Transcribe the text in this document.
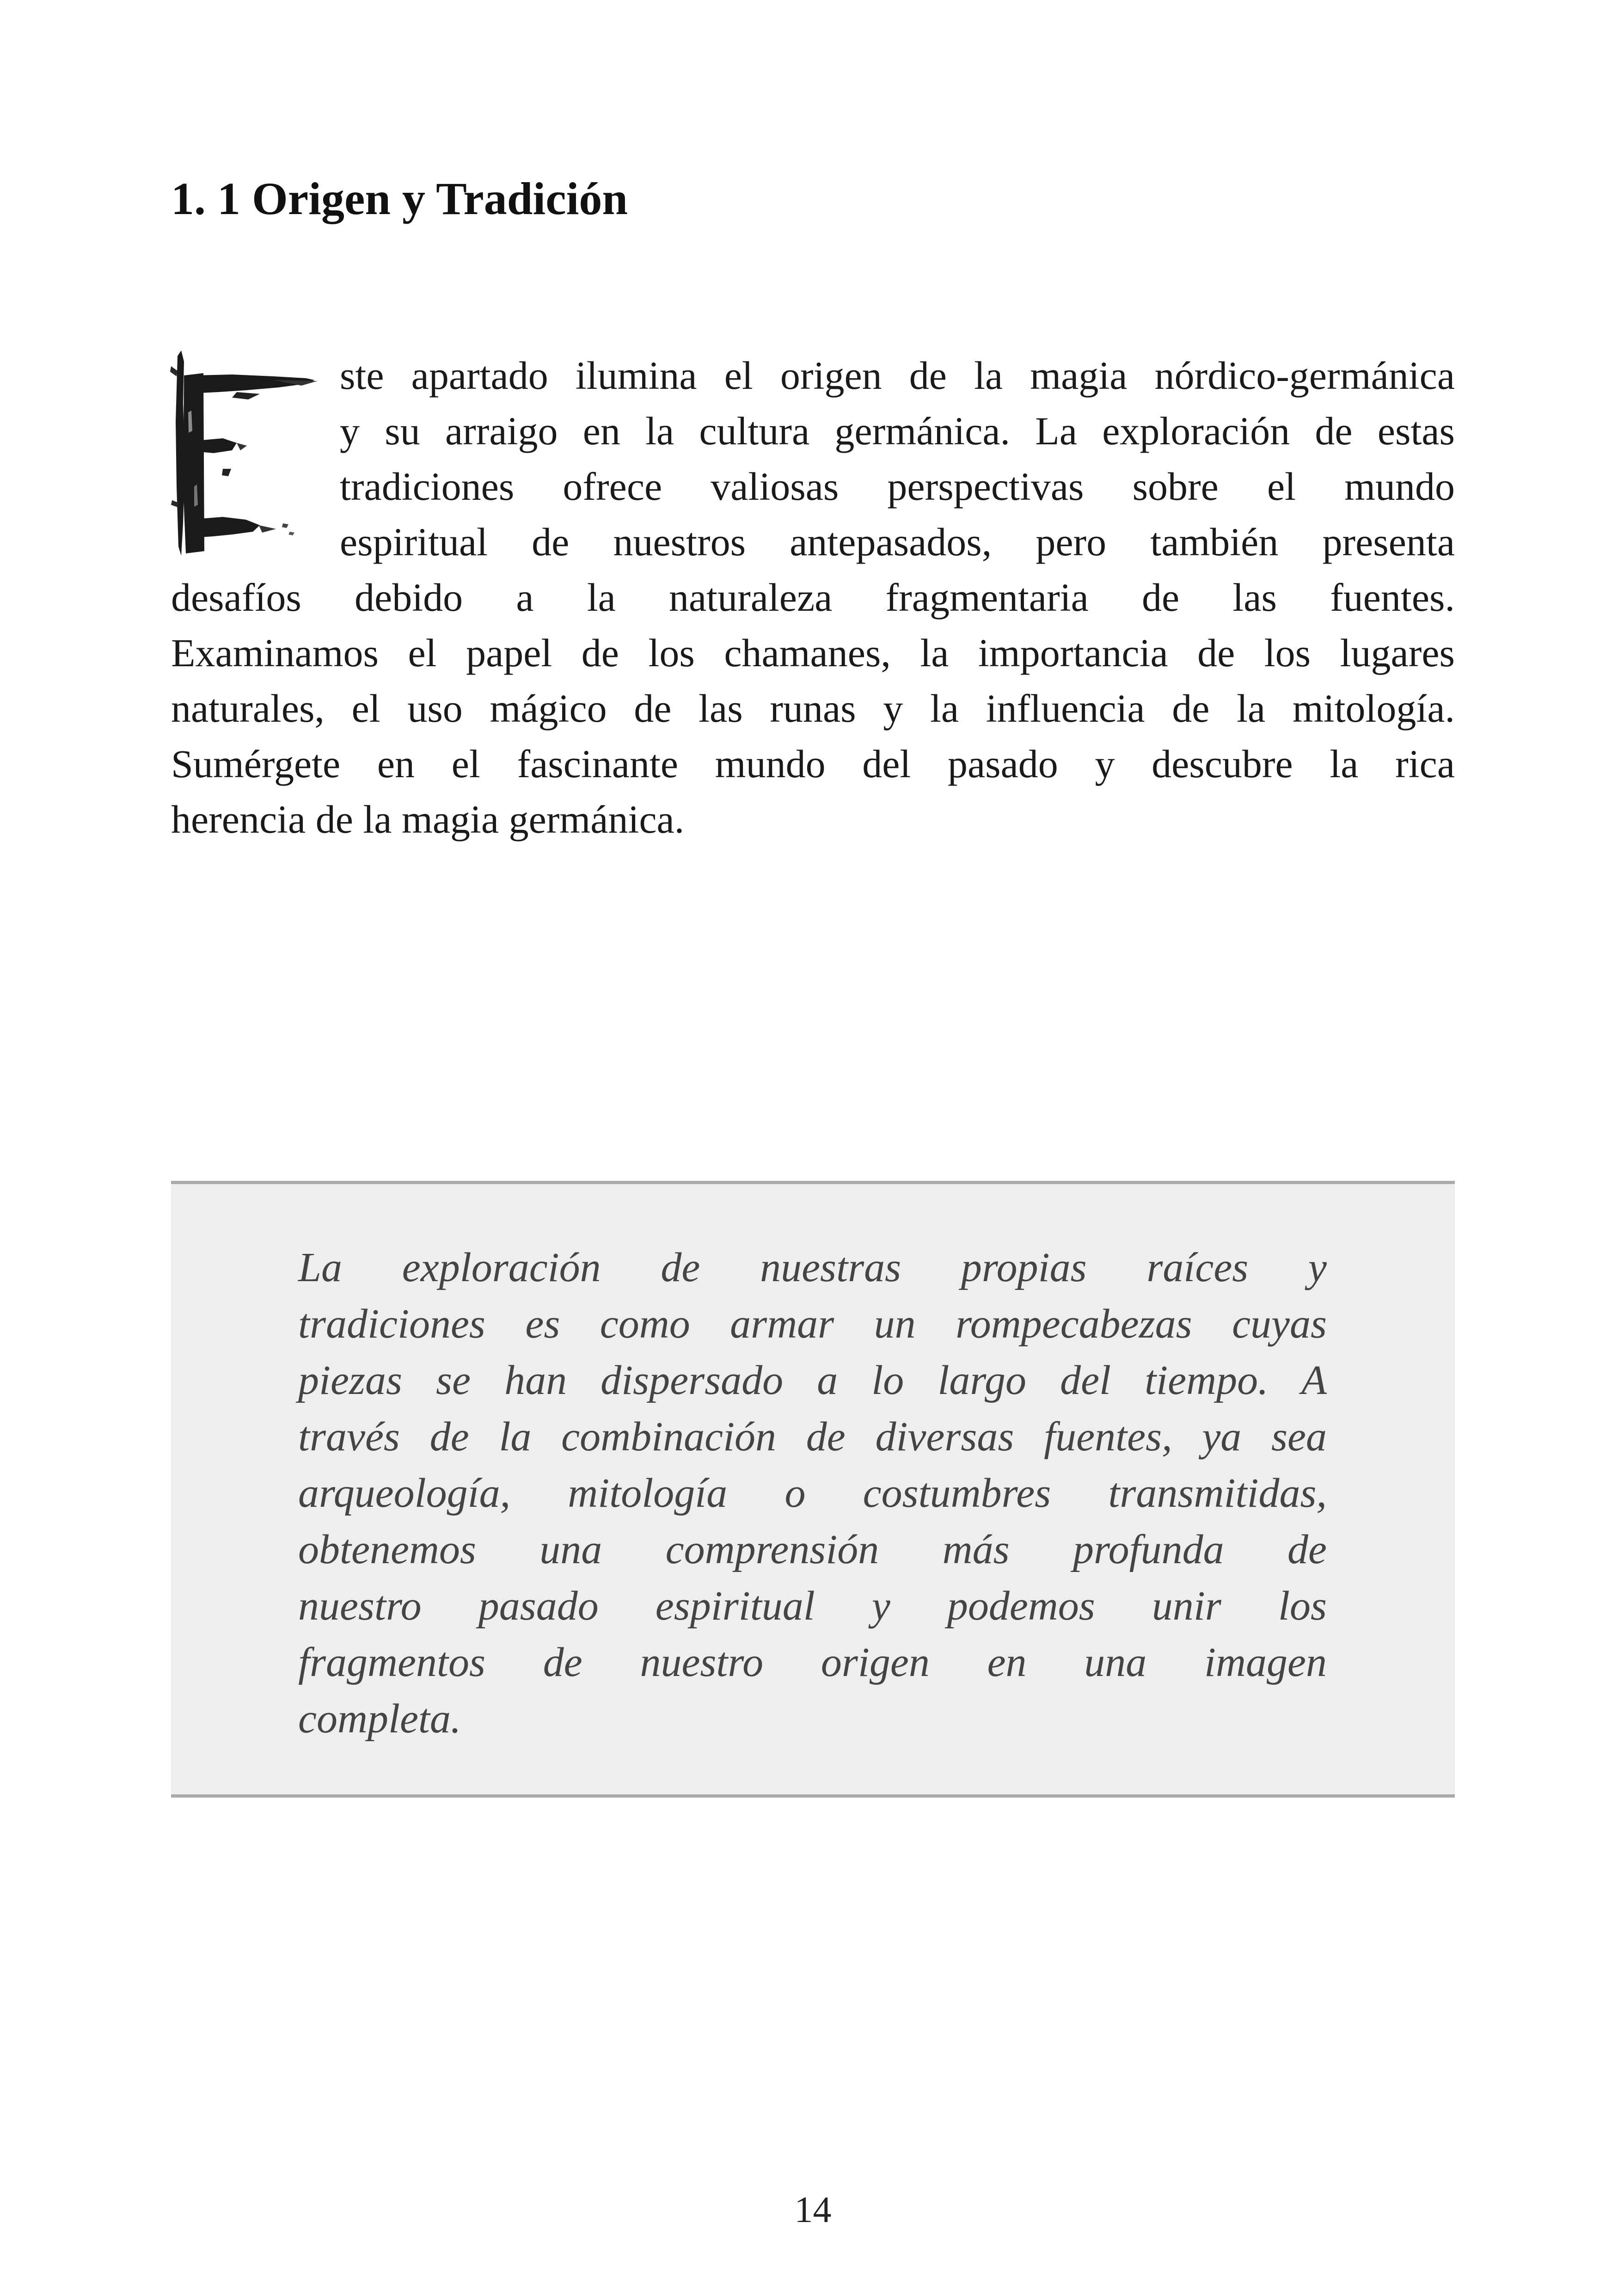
1. 1 Origen y Tradición
ste apartado ilumina el origen de la magia nórdico-germánica
y su arraigo en la cultura germánica. La exploración de estas
tradiciones ofrece valiosas perspectivas sobre el mundo
espiritual de nuestros antepasados, pero también presenta
desafíos debido a la naturaleza fragmentaria de las fuentes.
Examinamos el papel de los chamanes, la importancia de los lugares
naturales, el uso mágico de las runas y la influencia de la mitología.
Sumérgete en el fascinante mundo del pasado y descubre la rica
herencia de la magia germánica.
La exploración de nuestras propias raíces y
tradiciones es como armar un rompecabezas cuyas
piezas se han dispersado a lo largo del tiempo. A
través de la combinación de diversas fuentes, ya sea
arqueología, mitología o costumbres transmitidas,
obtenemos una comprensión más profunda de
nuestro pasado espiritual y podemos unir los
fragmentos de nuestro origen en una imagen
completa.
14
